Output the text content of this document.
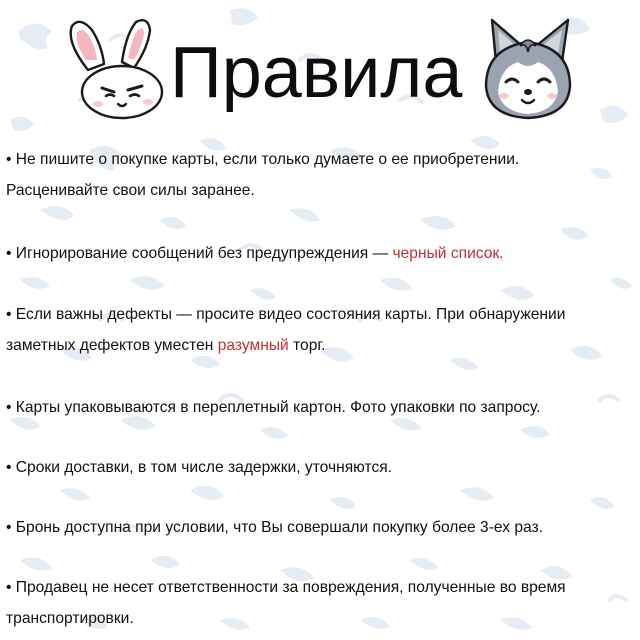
Правила
• Не пишите о покупке карты, если только думаете о ее приобретении.
Расценивайте свои силы заранее.
• Игнорирование сообщений без предупреждения — черный список.
• Если важны дефекты — просите видео состояния карты. При обнаружении
заметных дефектов уместен разумный торг.
• Карты упаковываются в переплетный картон. Фото упаковки по запросу.
• Сроки доставки, в том числе задержки, уточняются.
• Бронь доступна при условии, что Вы совершали покупку более 3-ех раз.
• Продавец не несет ответственности за повреждения, полученные во время
транспортировки.
